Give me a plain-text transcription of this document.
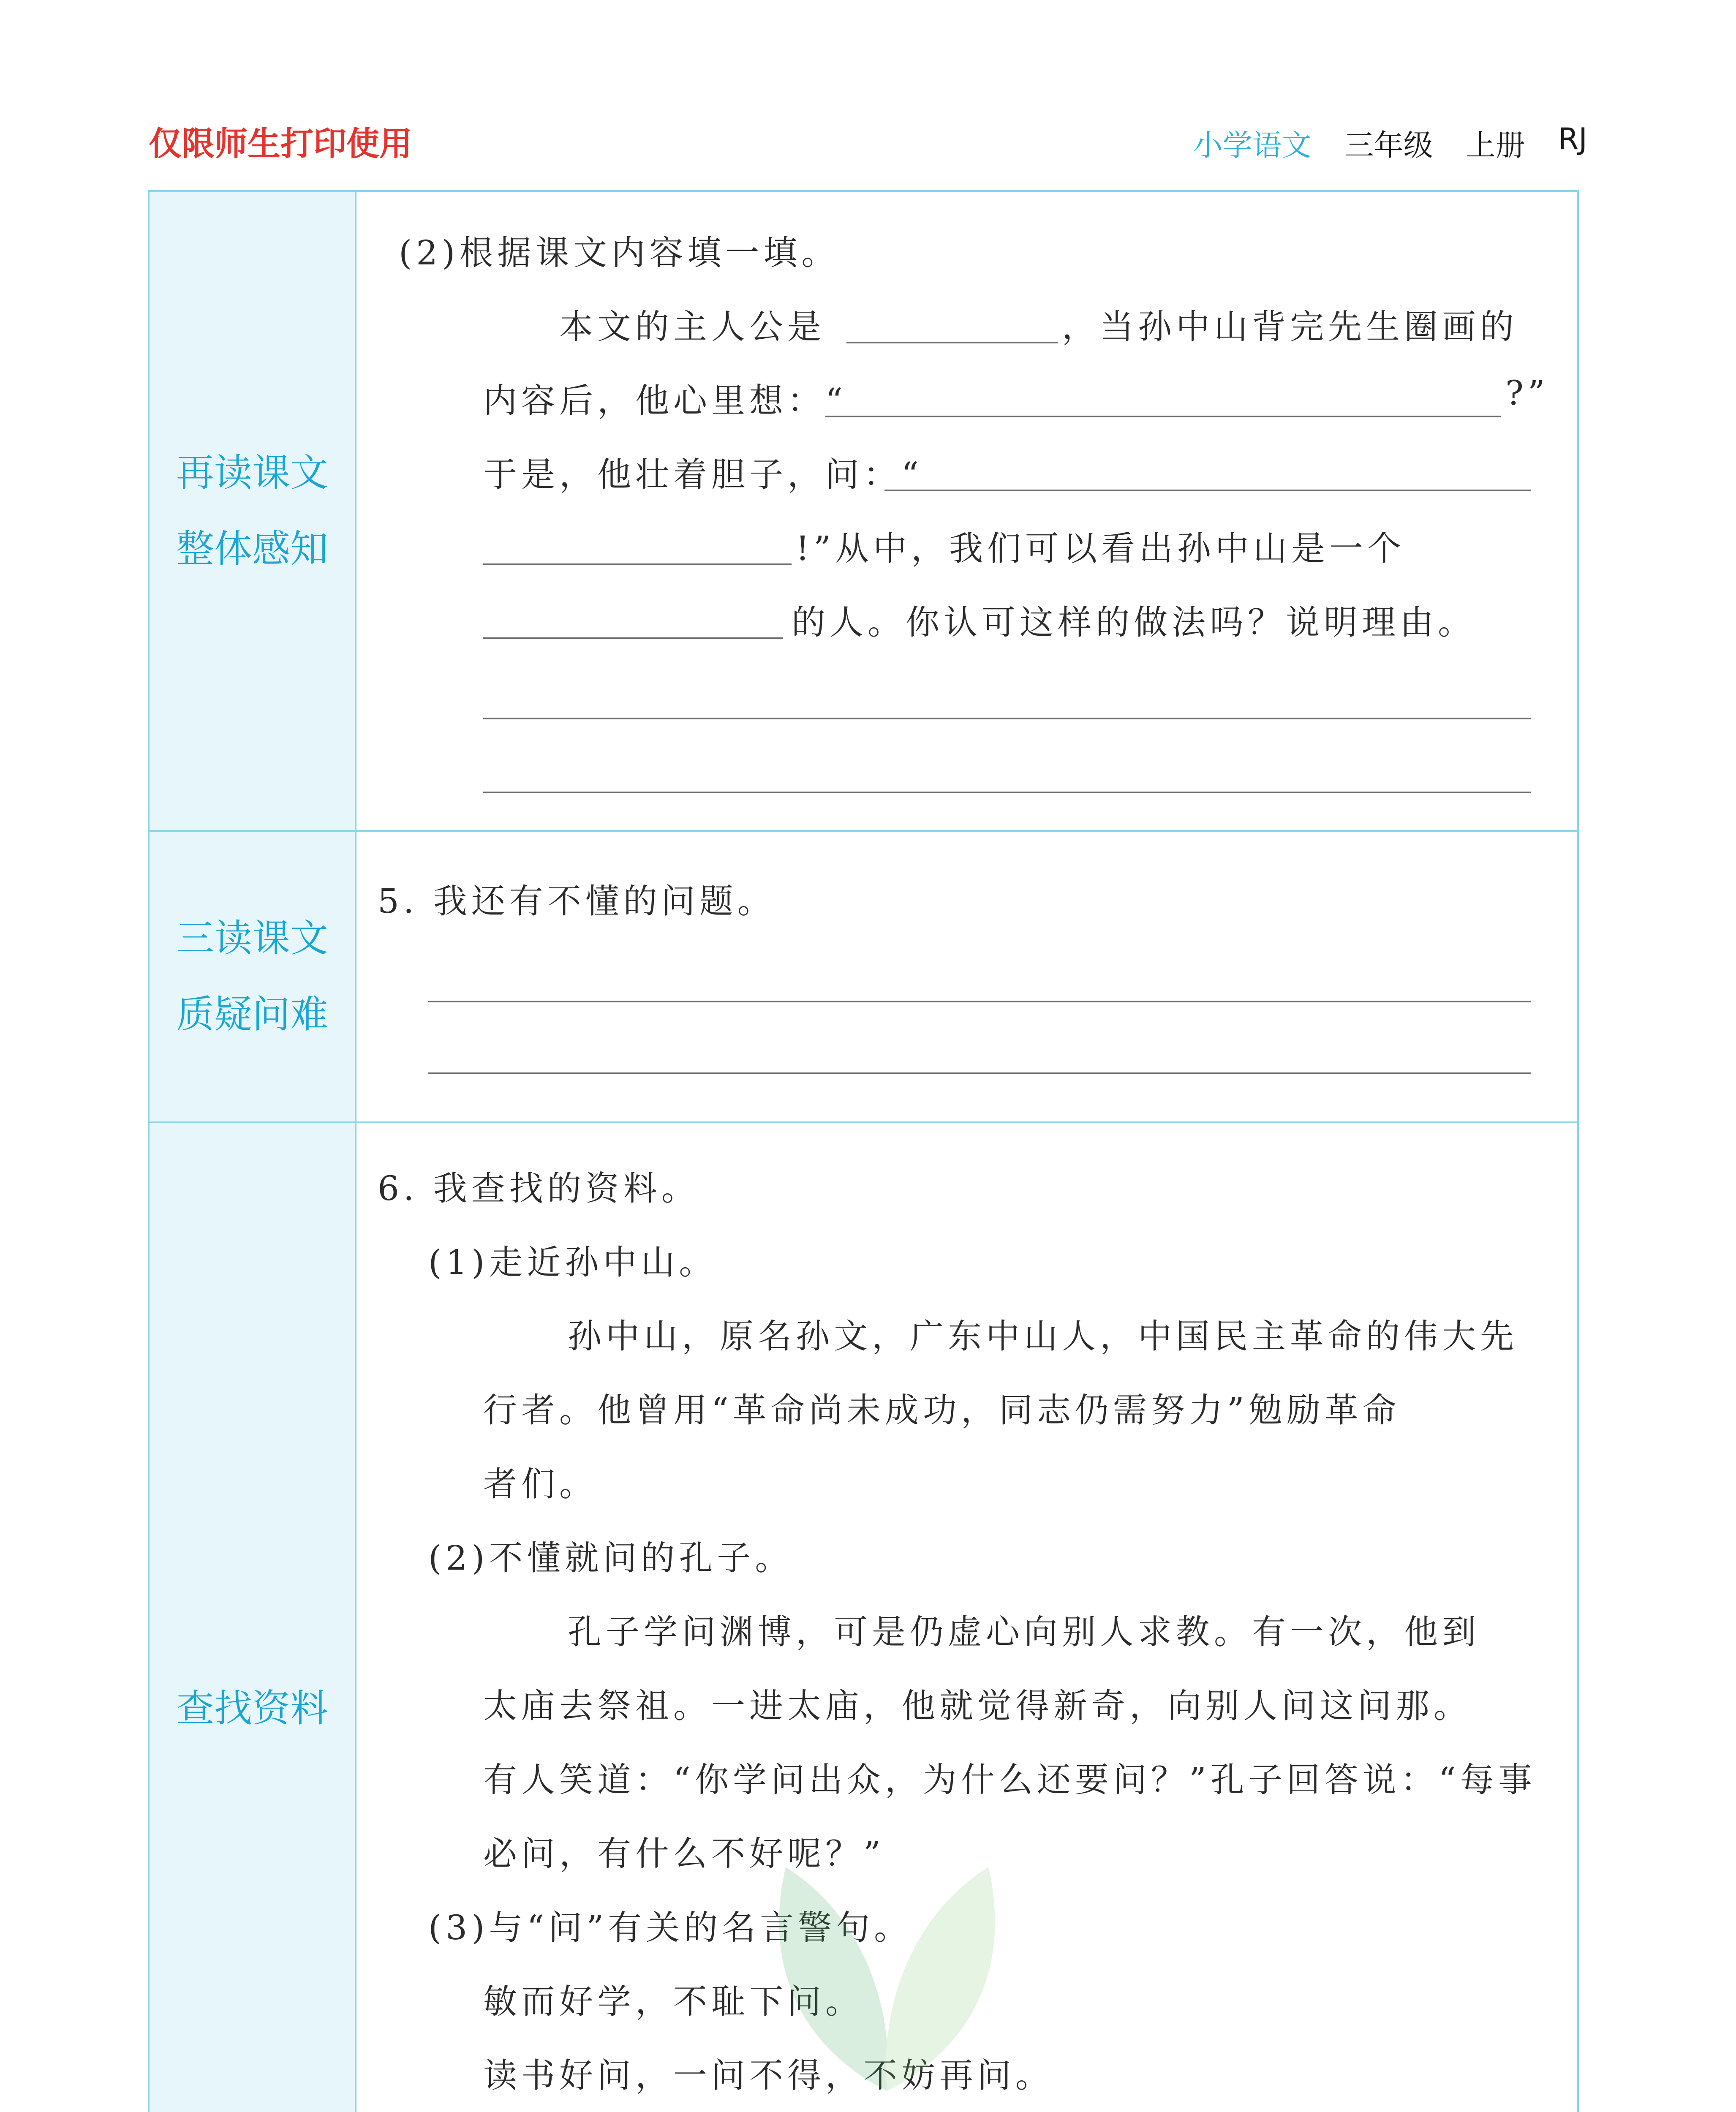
仅限师生打印使用	小学语文 三年级 上册 RJ
再读课文
整体感知
(2)根据课文内容填一填。
本文的主人公是	，当孙中山背完先生圈画的
内容后，他心里想：“	?”
于是，他壮着胆子，问：“
!”从中，我们可以看出孙中山是一个
的人。你认可这样的做法吗？说明理由。
三读课文
质疑问难
5. 我还有不懂的问题。
查找资料
6. 我查找的资料。
(1)走近孙中山。
孙中山，原名孙文，广东中山人，中国民主革命的伟大先
行者。他曾用“革命尚未成功，同志仍需努力”勉励革命
者们。
(2)不懂就问的孔子。
孔子学问渊博，可是仍虚心向别人求教。有一次，他到
太庙去祭祖。一进太庙，他就觉得新奇，向别人问这问那。
有人笑道：“你学问出众，为什么还要问？”孔子回答说：“每事
必问，有什么不好呢？”
(3)与“问”有关的名言警句。
敏而好学，不耻下问。
读书好问，一问不得，不妨再问。
